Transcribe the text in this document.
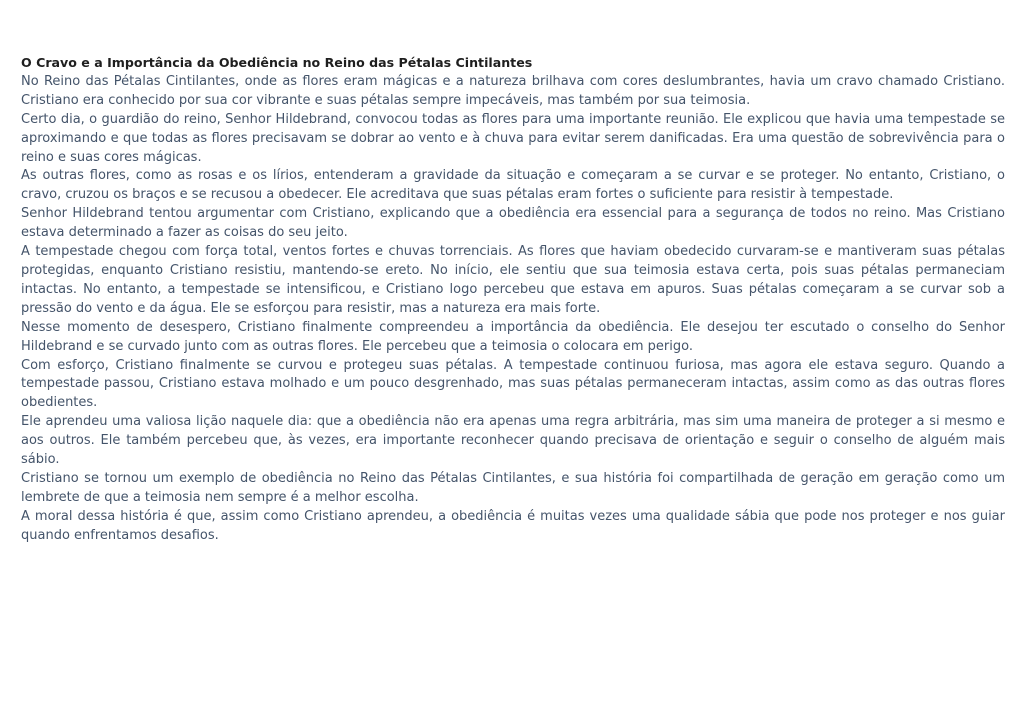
O Cravo e a Importância da Obediência no Reino das Pétalas Cintilantes

No Reino das Pétalas Cintilantes, onde as flores eram mágicas e a natureza brilhava com cores deslumbrantes, havia um cravo chamado Cristiano. Cristiano era conhecido por sua cor vibrante e suas pétalas sempre impecáveis, mas também por sua teimosia.

Certo dia, o guardião do reino, Senhor Hildebrand, convocou todas as flores para uma importante reunião. Ele explicou que havia uma tempestade se aproximando e que todas as flores precisavam se dobrar ao vento e à chuva para evitar serem danificadas. Era uma questão de sobrevivência para o reino e suas cores mágicas.

As outras flores, como as rosas e os lírios, entenderam a gravidade da situação e começaram a se curvar e se proteger. No entanto, Cristiano, o cravo, cruzou os braços e se recusou a obedecer. Ele acreditava que suas pétalas eram fortes o suficiente para resistir à tempestade.

Senhor Hildebrand tentou argumentar com Cristiano, explicando que a obediência era essencial para a segurança de todos no reino. Mas Cristiano estava determinado a fazer as coisas do seu jeito.

A tempestade chegou com força total, ventos fortes e chuvas torrenciais. As flores que haviam obedecido curvaram-se e mantiveram suas pétalas protegidas, enquanto Cristiano resistiu, mantendo-se ereto. No início, ele sentiu que sua teimosia estava certa, pois suas pétalas permaneciam intactas. No entanto, a tempestade se intensificou, e Cristiano logo percebeu que estava em apuros. Suas pétalas começaram a se curvar sob a pressão do vento e da água. Ele se esforçou para resistir, mas a natureza era mais forte.

Nesse momento de desespero, Cristiano finalmente compreendeu a importância da obediência. Ele desejou ter escutado o conselho do Senhor Hildebrand e se curvado junto com as outras flores. Ele percebeu que a teimosia o colocara em perigo.

Com esforço, Cristiano finalmente se curvou e protegeu suas pétalas. A tempestade continuou furiosa, mas agora ele estava seguro. Quando a tempestade passou, Cristiano estava molhado e um pouco desgrenhado, mas suas pétalas permaneceram intactas, assim como as das outras flores obedientes.

Ele aprendeu uma valiosa lição naquele dia: que a obediência não era apenas uma regra arbitrária, mas sim uma maneira de proteger a si mesmo e aos outros. Ele também percebeu que, às vezes, era importante reconhecer quando precisava de orientação e seguir o conselho de alguém mais sábio.

Cristiano se tornou um exemplo de obediência no Reino das Pétalas Cintilantes, e sua história foi compartilhada de geração em geração como um lembrete de que a teimosia nem sempre é a melhor escolha.

A moral dessa história é que, assim como Cristiano aprendeu, a obediência é muitas vezes uma qualidade sábia que pode nos proteger e nos guiar quando enfrentamos desafios.
